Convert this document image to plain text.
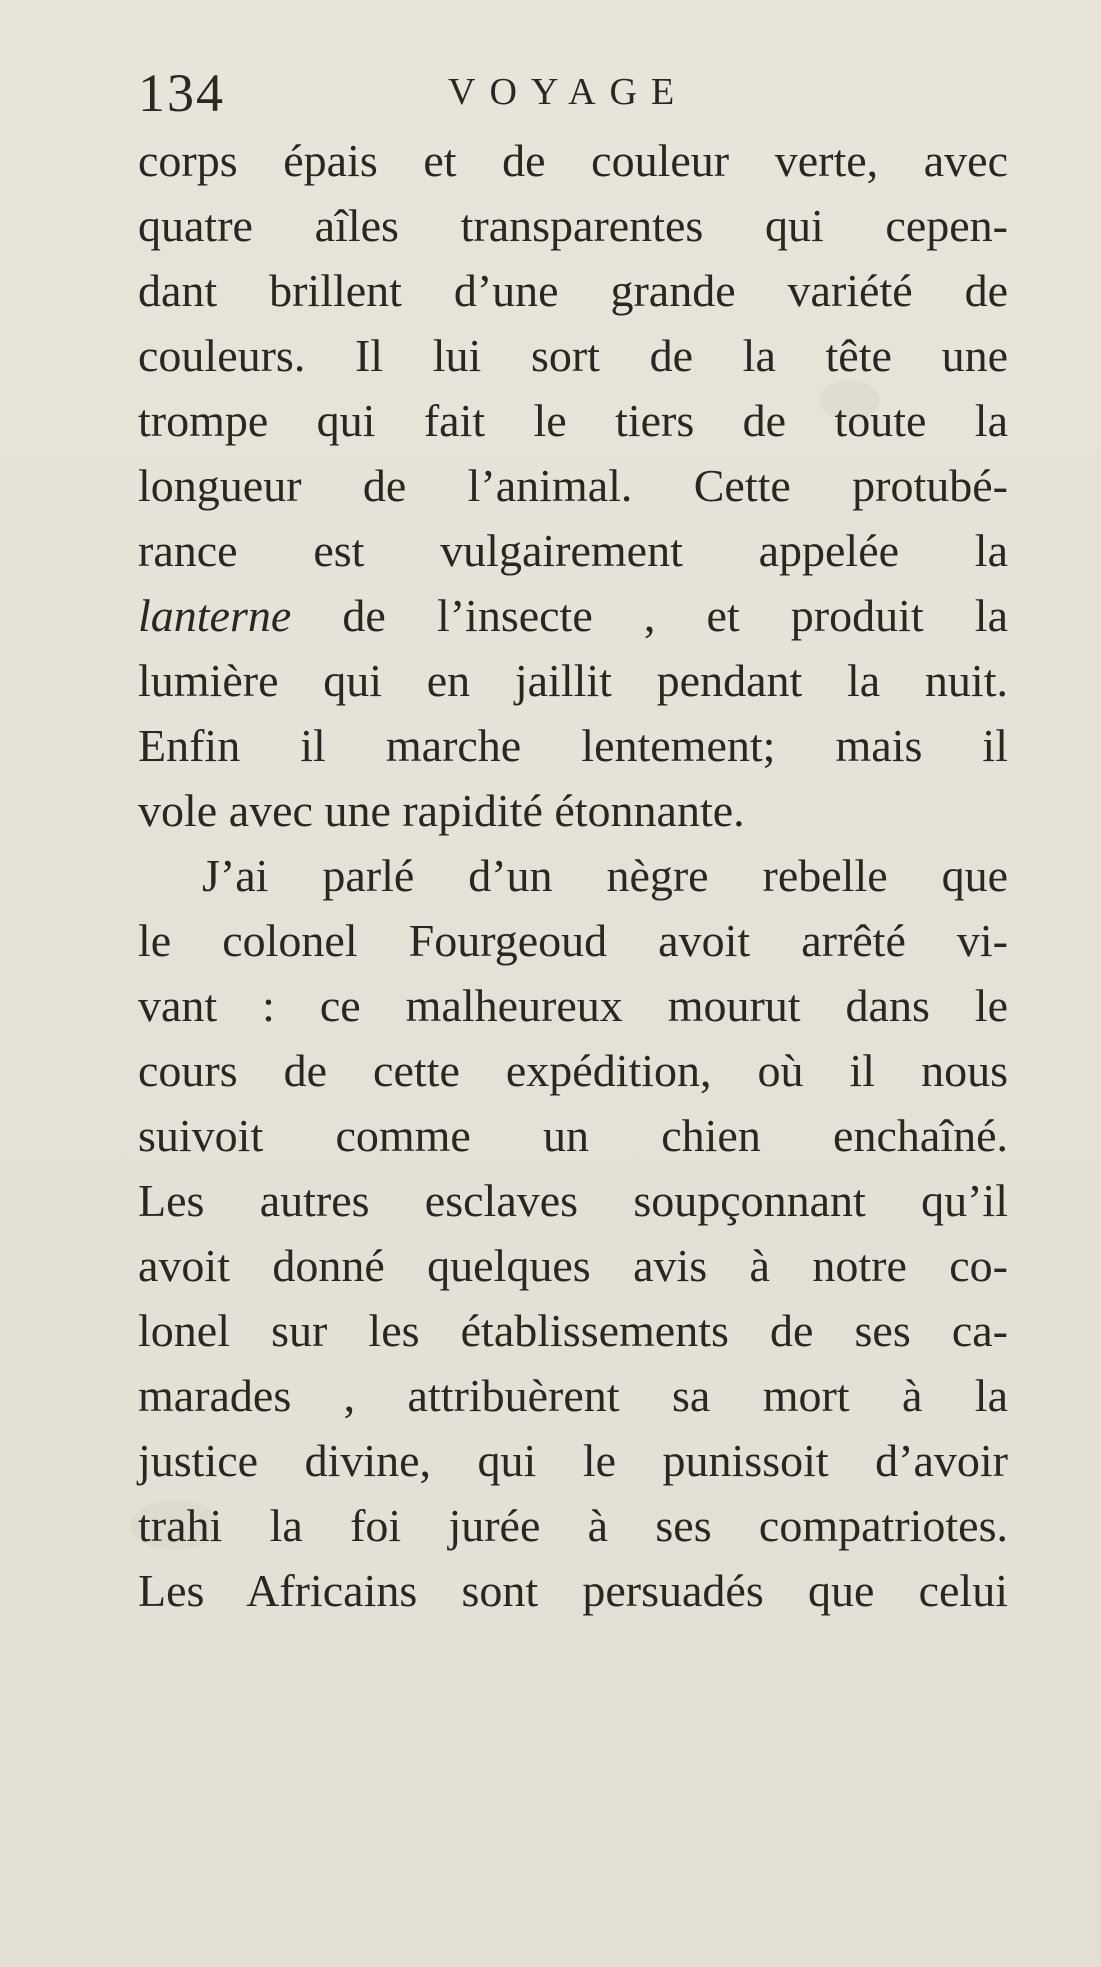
134	VOYAGE
corps épais et de couleur verte, avec
quatre aîles transparentes qui cepen-
dant brillent d’une grande variété de
couleurs. Il lui sort de la tête une
trompe qui fait le tiers de toute la
longueur de l’animal. Cette protubé-
rance est vulgairement appelée la
lanterne de l’insecte , et produit la
lumière qui en jaillit pendant la nuit.
Enfin il marche lentement; mais il
vole avec une rapidité étonnante.
J’ai parlé d’un nègre rebelle que
le colonel Fourgeoud avoit arrêté vi-
vant : ce malheureux mourut dans le
cours de cette expédition, où il nous
suivoit comme un chien enchaîné.
Les autres esclaves soupçonnant qu’il
avoit donné quelques avis à notre co-
lonel sur les établissements de ses ca-
marades , attribuèrent sa mort à la
justice divine, qui le punissoit d’avoir
trahi la foi jurée à ses compatriotes.
Les Africains sont persuadés que celui
